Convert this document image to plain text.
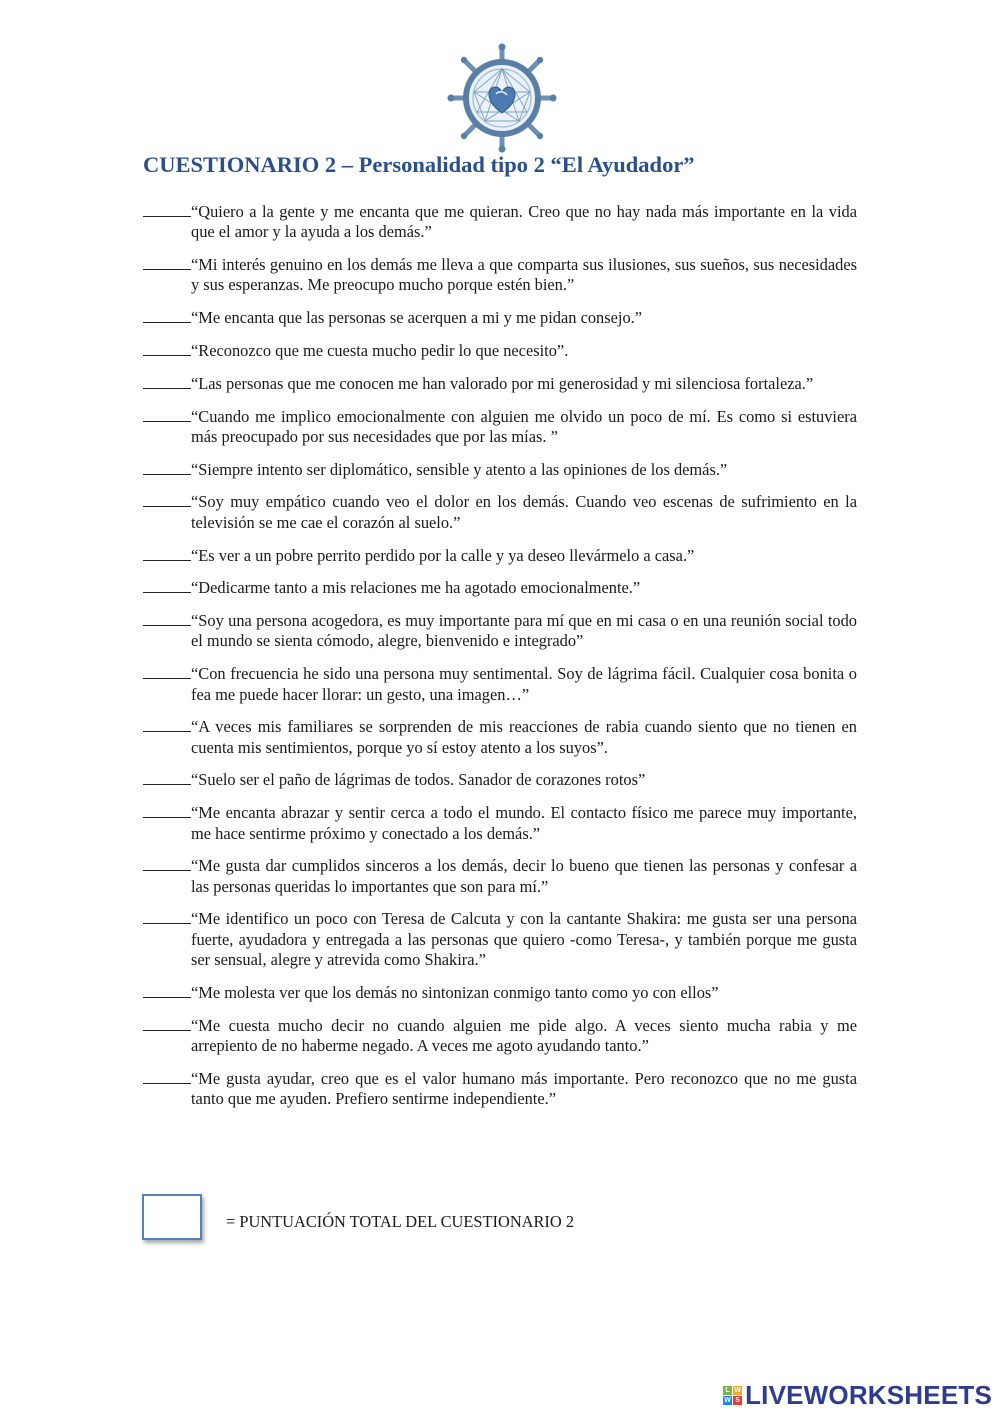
CUESTIONARIO 2 – Personalidad tipo 2 “El Ayudador”
“Quiero a la gente y me encanta que me quieran. Creo que no hay nada más importante en la vida que el amor y la ayuda a los demás.”
“Mi interés genuino en los demás me lleva a que comparta sus ilusiones, sus sueños, sus necesidades y sus esperanzas. Me preocupo mucho porque estén bien.”
“Me encanta que las personas se acerquen a mi y me pidan consejo.”
“Reconozco que me cuesta mucho pedir lo que necesito”.
“Las personas que me conocen me han valorado por mi generosidad y mi silenciosa fortaleza.”
“Cuando me implico emocionalmente con alguien me olvido un poco de mí. Es como si estuviera más preocupado por sus necesidades que por las mías. ”
“Siempre intento ser diplomático, sensible y atento a las opiniones de los demás.”
“Soy muy empático cuando veo el dolor en los demás. Cuando veo escenas de sufrimiento en la televisión se me cae el corazón al suelo.”
“Es ver a un pobre perrito perdido por la calle y ya deseo llevármelo a casa.”
“Dedicarme tanto a mis relaciones me ha agotado emocionalmente.”
“Soy una persona acogedora, es muy importante para mí que en mi casa o en una reunión social todo el mundo se sienta cómodo, alegre, bienvenido e integrado”
“Con frecuencia he sido una persona muy sentimental. Soy de lágrima fácil. Cualquier cosa bonita o fea me puede hacer llorar: un gesto, una imagen…”
“A veces mis familiares se sorprenden de mis reacciones de rabia cuando siento que no tienen en cuenta mis sentimientos, porque yo sí estoy atento a los suyos”.
“Suelo ser el paño de lágrimas de todos. Sanador de corazones rotos”
“Me encanta abrazar y sentir cerca a todo el mundo. El contacto físico me parece muy importante, me hace sentirme próximo y conectado a los demás.”
“Me gusta dar cumplidos sinceros a los demás, decir lo bueno que tienen las personas y confesar a las personas queridas lo importantes que son para mí.”
“Me identifico un poco con Teresa de Calcuta y con la cantante Shakira: me gusta ser una persona fuerte, ayudadora y entregada a las personas que quiero -como Teresa-, y también porque me gusta ser sensual, alegre y atrevida como Shakira.”
“Me molesta ver que los demás no sintonizan conmigo tanto como yo con ellos”
“Me cuesta mucho decir no cuando alguien me pide algo. A veces siento mucha rabia y me arrepiento de no haberme negado. A veces me agoto ayudando tanto.”
“Me gusta ayudar, creo que es el valor humano más importante. Pero reconozco que no me gusta tanto que me ayuden. Prefiero sentirme independiente.”
= PUNTUACIÓN TOTAL DEL CUESTIONARIO 2
L W
W S LIVEWORKSHEETS
